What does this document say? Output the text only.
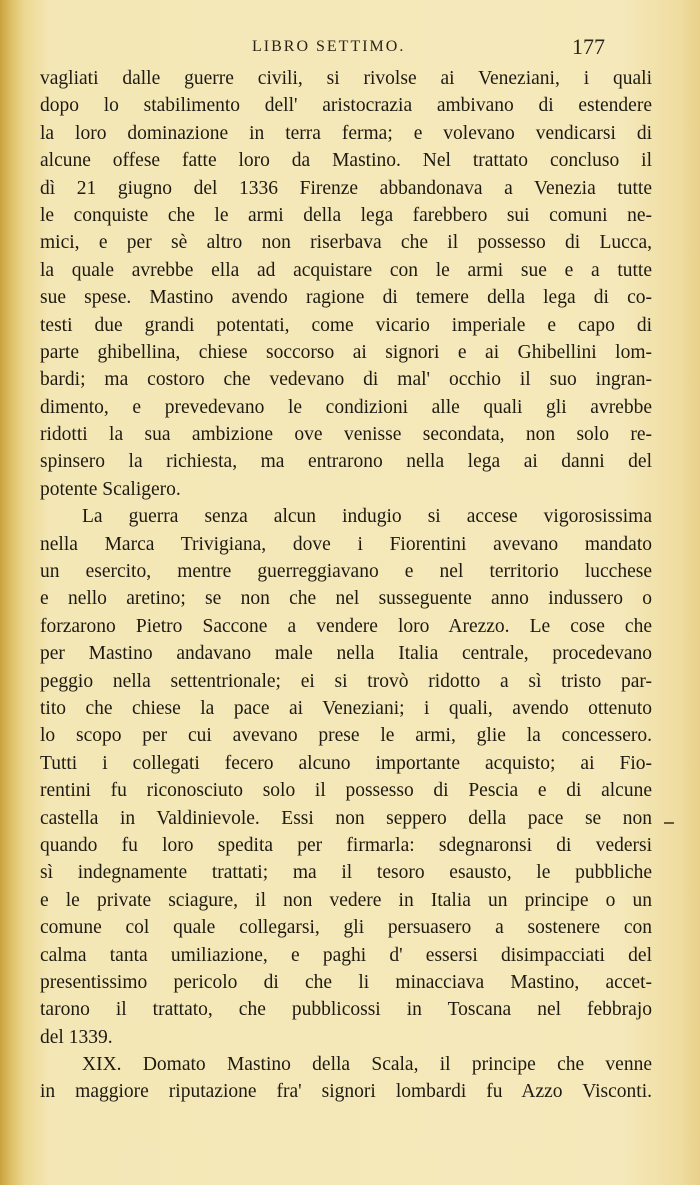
LIBRO SETTIMO.	177
vagliati dalle guerre civili, si rivolse ai Veneziani, i quali
dopo lo stabilimento dell' aristocrazia ambivano di estendere
la loro dominazione in terra ferma; e volevano vendicarsi di
alcune offese fatte loro da Mastino. Nel trattato concluso il
dì 21 giugno del 1336 Firenze abbandonava a Venezia tutte
le conquiste che le armi della lega farebbero sui comuni ne-
mici, e per sè altro non riserbava che il possesso di Lucca,
la quale avrebbe ella ad acquistare con le armi sue e a tutte
sue spese. Mastino avendo ragione di temere della lega di co-
testi due grandi potentati, come vicario imperiale e capo di
parte ghibellina, chiese soccorso ai signori e ai Ghibellini lom-
bardi; ma costoro che vedevano di mal' occhio il suo ingran-
dimento, e prevedevano le condizioni alle quali gli avrebbe
ridotti la sua ambizione ove venisse secondata, non solo re-
spinsero la richiesta, ma entrarono nella lega ai danni del
potente Scaligero.
La guerra senza alcun indugio si accese vigorosissima
nella Marca Trivigiana, dove i Fiorentini avevano mandato
un esercito, mentre guerreggiavano e nel territorio lucchese
e nello aretino; se non che nel susseguente anno indussero o
forzarono Pietro Saccone a vendere loro Arezzo. Le cose che
per Mastino andavano male nella Italia centrale, procedevano
peggio nella settentrionale; ei si trovò ridotto a sì tristo par-
tito che chiese la pace ai Veneziani; i quali, avendo ottenuto
lo scopo per cui avevano prese le armi, glie la concessero.
Tutti i collegati fecero alcuno importante acquisto; ai Fio-
rentini fu riconosciuto solo il possesso di Pescia e di alcune
castella in Valdinievole. Essi non seppero della pace se non
quando fu loro spedita per firmarla: sdegnaronsi di vedersi
sì indegnamente trattati; ma il tesoro esausto, le pubbliche
e le private sciagure, il non vedere in Italia un principe o un
comune col quale collegarsi, gli persuasero a sostenere con
calma tanta umiliazione, e paghi d' essersi disimpacciati del
presentissimo pericolo di che li minacciava Mastino, accet-
tarono il trattato, che pubblicossi in Toscana nel febbrajo
del 1339.
XIX. Domato Mastino della Scala, il principe che venne
in maggiore riputazione fra' signori lombardi fu Azzo Visconti.
